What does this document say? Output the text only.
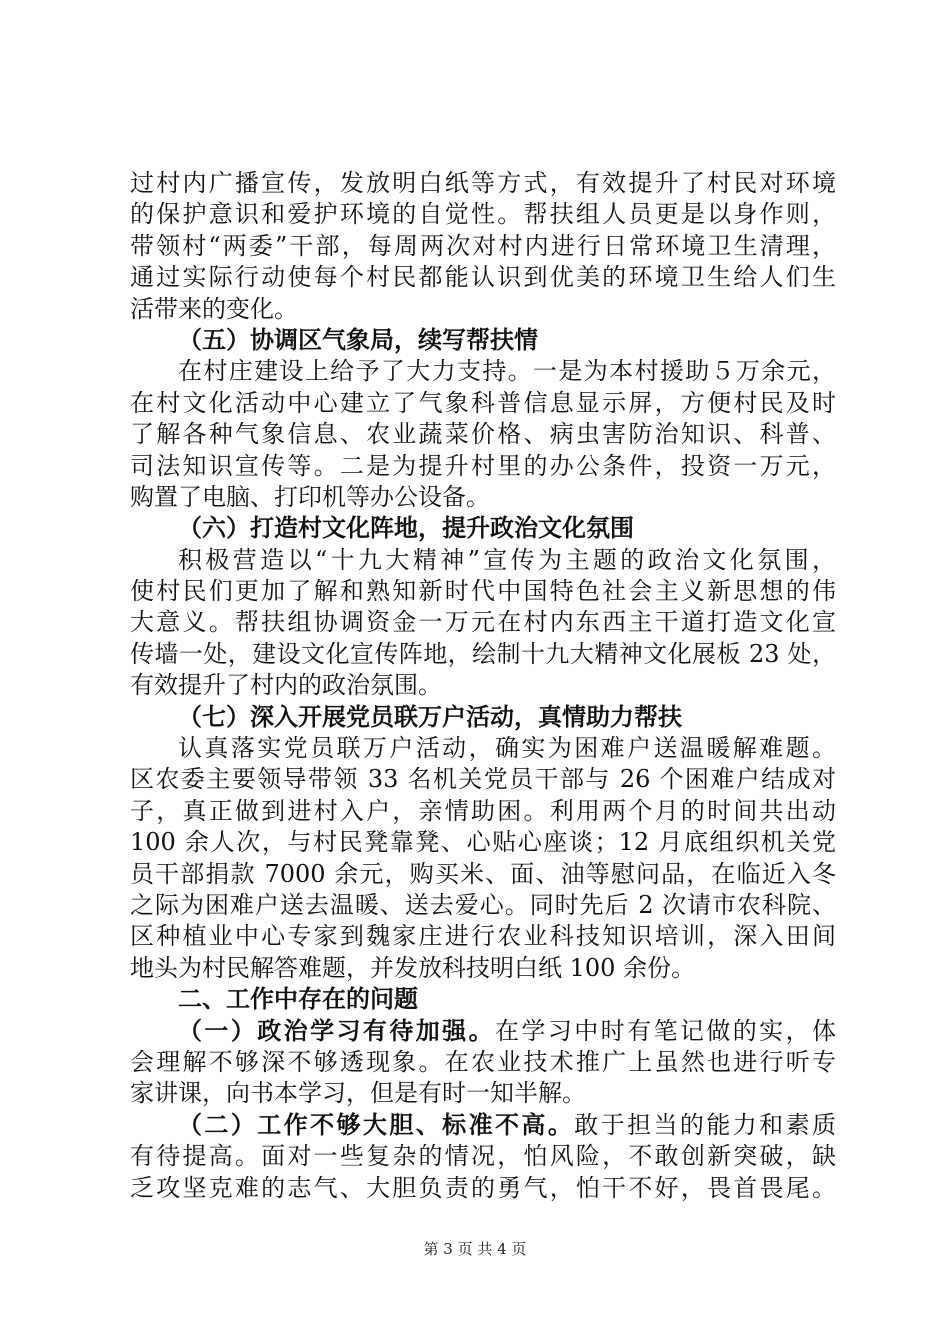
过村内广播宣传，发放明白纸等方式，有效提升了村民对环境
的保护意识和爱护环境的自觉性。帮扶组人员更是以身作则，
带领村“两委”干部，每周两次对村内进行日常环境卫生清理，
通过实际行动使每个村民都能认识到优美的环境卫生给人们生
活带来的变化。
（五）协调区气象局，续写帮扶情
在村庄建设上给予了大力支持。一是为本村援助５万余元，
在村文化活动中心建立了气象科普信息显示屏，方便村民及时
了解各种气象信息、农业蔬菜价格、病虫害防治知识、科普、
司法知识宣传等。二是为提升村里的办公条件，投资一万元，
购置了电脑、打印机等办公设备。
（六）打造村文化阵地，提升政治文化氛围
积极营造以“十九大精神”宣传为主题的政治文化氛围，
使村民们更加了解和熟知新时代中国特色社会主义新思想的伟
大意义。帮扶组协调资金一万元在村内东西主干道打造文化宣
传墙一处，建设文化宣传阵地，绘制十九大精神文化展板 23 处，
有效提升了村内的政治氛围。
（七）深入开展党员联万户活动，真情助力帮扶
认真落实党员联万户活动，确实为困难户送温暖解难题。
区农委主要领导带领 33 名机关党员干部与 26 个困难户结成对
子，真正做到进村入户，亲情助困。利用两个月的时间共出动
100 余人次，与村民凳靠凳、心贴心座谈；12 月底组织机关党
员干部捐款 7000 余元，购买米、面、油等慰问品，在临近入冬
之际为困难户送去温暖、送去爱心。同时先后 2 次请市农科院、
区种植业中心专家到魏家庄进行农业科技知识培训，深入田间
地头为村民解答难题，并发放科技明白纸 100 余份。
二、工作中存在的问题
（一）政治学习有待加强。在学习中时有笔记做的实，体
会理解不够深不够透现象。在农业技术推广上虽然也进行听专
家讲课，向书本学习，但是有时一知半解。
（二）工作不够大胆、标准不高。敢于担当的能力和素质
有待提高。面对一些复杂的情况，怕风险，不敢创新突破，缺
乏攻坚克难的志气、大胆负责的勇气，怕干不好，畏首畏尾。
第 3 页 共 4 页
